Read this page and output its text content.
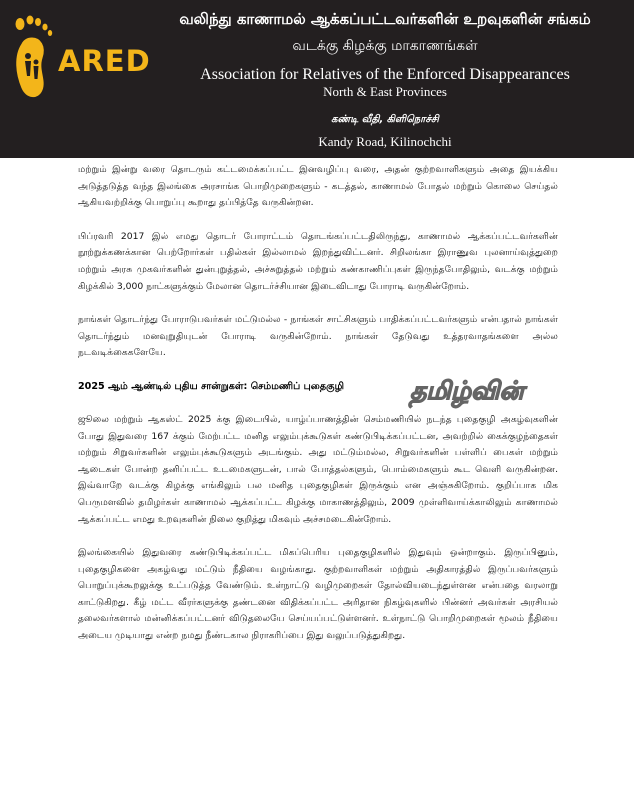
ARED
வலிந்து காணாமல் ஆக்கப்பட்டவர்களின் உறவுகளின் சங்கம்
வடக்கு கிழக்கு மாகாணங்கள்
Association for Relatives of the Enforced Disappearances
North & East Provinces
கண்டி வீதி, கிளிநொச்சி
Kandy Road, Kilinochchi

மற்றும் இன்று வரை தொடரும் கட்டமைக்கப்பட்ட இனவழிப்பு வரை, அதன் குற்றவாளிகளும் அதை இயக்கிய அடுத்தடுத்த வந்த இலங்கை அரசாங்க பொறிமுறைகளும் - கடத்தல், காணாமல் போதல் மற்றும் கொலை செய்தல் ஆகியவற்றிக்கு பொறுப்பு கூறாது தப்பித்தே வருகின்றன.

பிப்ரவரி 2017 இல் எமது தொடர் போராட்டம் தொடங்கப்பட்டதிலிருந்து, காணாமல் ஆக்கப்பட்டவர்களின் நூற்றுக்கணக்கான பெற்றோர்கள் பதில்கள் இல்லாமல் இறந்துவிட்டனர். சிறிலங்கா இராணுவ புலனாய்வுத்துறை மற்றும் அரசு முகவர்களின் துன்புறுத்தல், அச்சுறுத்தல் மற்றும் கண்காணிப்புகள் இருந்தபோதிலும், வடக்கு மற்றும் கிழக்கில் 3,000 நாட்களுக்கும் மேலான தொடர்ச்சியான இடைவிடாது போராடி வருகின்றோம்.

நாங்கள் தொடர்ந்து போராடுபவர்கள் மட்டுமல்ல - நாங்கள் சாட்சிகளும் பாதிக்கப்பட்டவர்களும் என்பதால் நாங்கள் தொடர்ந்தும் மனவுறுதியுடன் போராடி வருகின்றோம். நாங்கள் தேடுவது உத்தரவாதங்களை அல்ல நடவடிக்கைகளேயே.

2025 ஆம் ஆண்டில் புதிய சான்றுகள்: செம்மணிப் புதைகுழி

ஜூலை மற்றும் ஆகஸ்ட் 2025 க்கு இடையில், யாழ்ப்பாணத்தின் செம்மணியில் நடந்த புதைகுழி அகழ்வுகளின் போது இதுவரை 167 க்கும் மேற்பட்ட மனித எலும்புக்கூடுகள் கண்டுபிடிக்கப்பட்டன, அவற்றில் கைக்குழந்தைகள் மற்றும் சிறுவர்களின் எலும்புக்கூடுகளும் அடங்கும். அது மட்டும்மல்ல, சிறுவர்களின் பள்ளிப் பைகள் மற்றும் ஆடைகள் போன்ற தனிப்பட்ட உடமைகளுடன், பால் போத்தல்களும், பொம்மைகளும் கூட வெளி வருகின்றன. இவ்வாறே வடக்கு கிழக்கு எங்கிலும் பல மனித புதைகுழிகள் இருக்கும் என அஞ்சுகிறோம். குறிப்பாக மிக பெருமளவில் தமிழர்கள் காணாமல் ஆக்கப்பட்ட கிழக்கு மாகாணத்திலும், 2009 முள்ளிவாய்க்காலிலும் காணாமல் ஆக்கப்பட்ட எமது உறவுகளின் நிலை குறித்து மிகவும் அச்சமடைகின்றோம்.

இலங்கையில் இதுவரை கண்டுபிடிக்கப்பட்ட மிகப்பெரிய புதைகுழிகளில் இதுவும் ஒன்றாகும். இருப்பினும், புதைகுழிகளை அகழ்வது மட்டும் நீதியை வழங்காது. குற்றவாளிகள் மற்றும் அதிகாரத்தில் இருப்பவர்களும் பொறுப்புக்கூறலுக்கு உட்படுத்த வேண்டும். உள்நாட்டு வழிமுறைகள் தோல்வியடைந்துள்ளன என்பதை வரலாறு காட்டுகிறது. கீழ் மட்ட வீரர்களுக்கு தண்டனை விதிக்கப்பட்ட அரிதான நிகழ்வுகளில் பின்னர் அவர்கள் அரசியல் தலைவர்களால் மன்னிக்கப்பட்டனர் விடுதலையே செய்யப்பட்டுள்ளனர். உள்நாட்டு பொறிமுறைகள் மூலம் நீதியை அடைய முடியாது என்ற நமது நீண்டகால நிராகரிப்பை இது வலுப்படுத்துகிறது.

தமிழ்வின்
